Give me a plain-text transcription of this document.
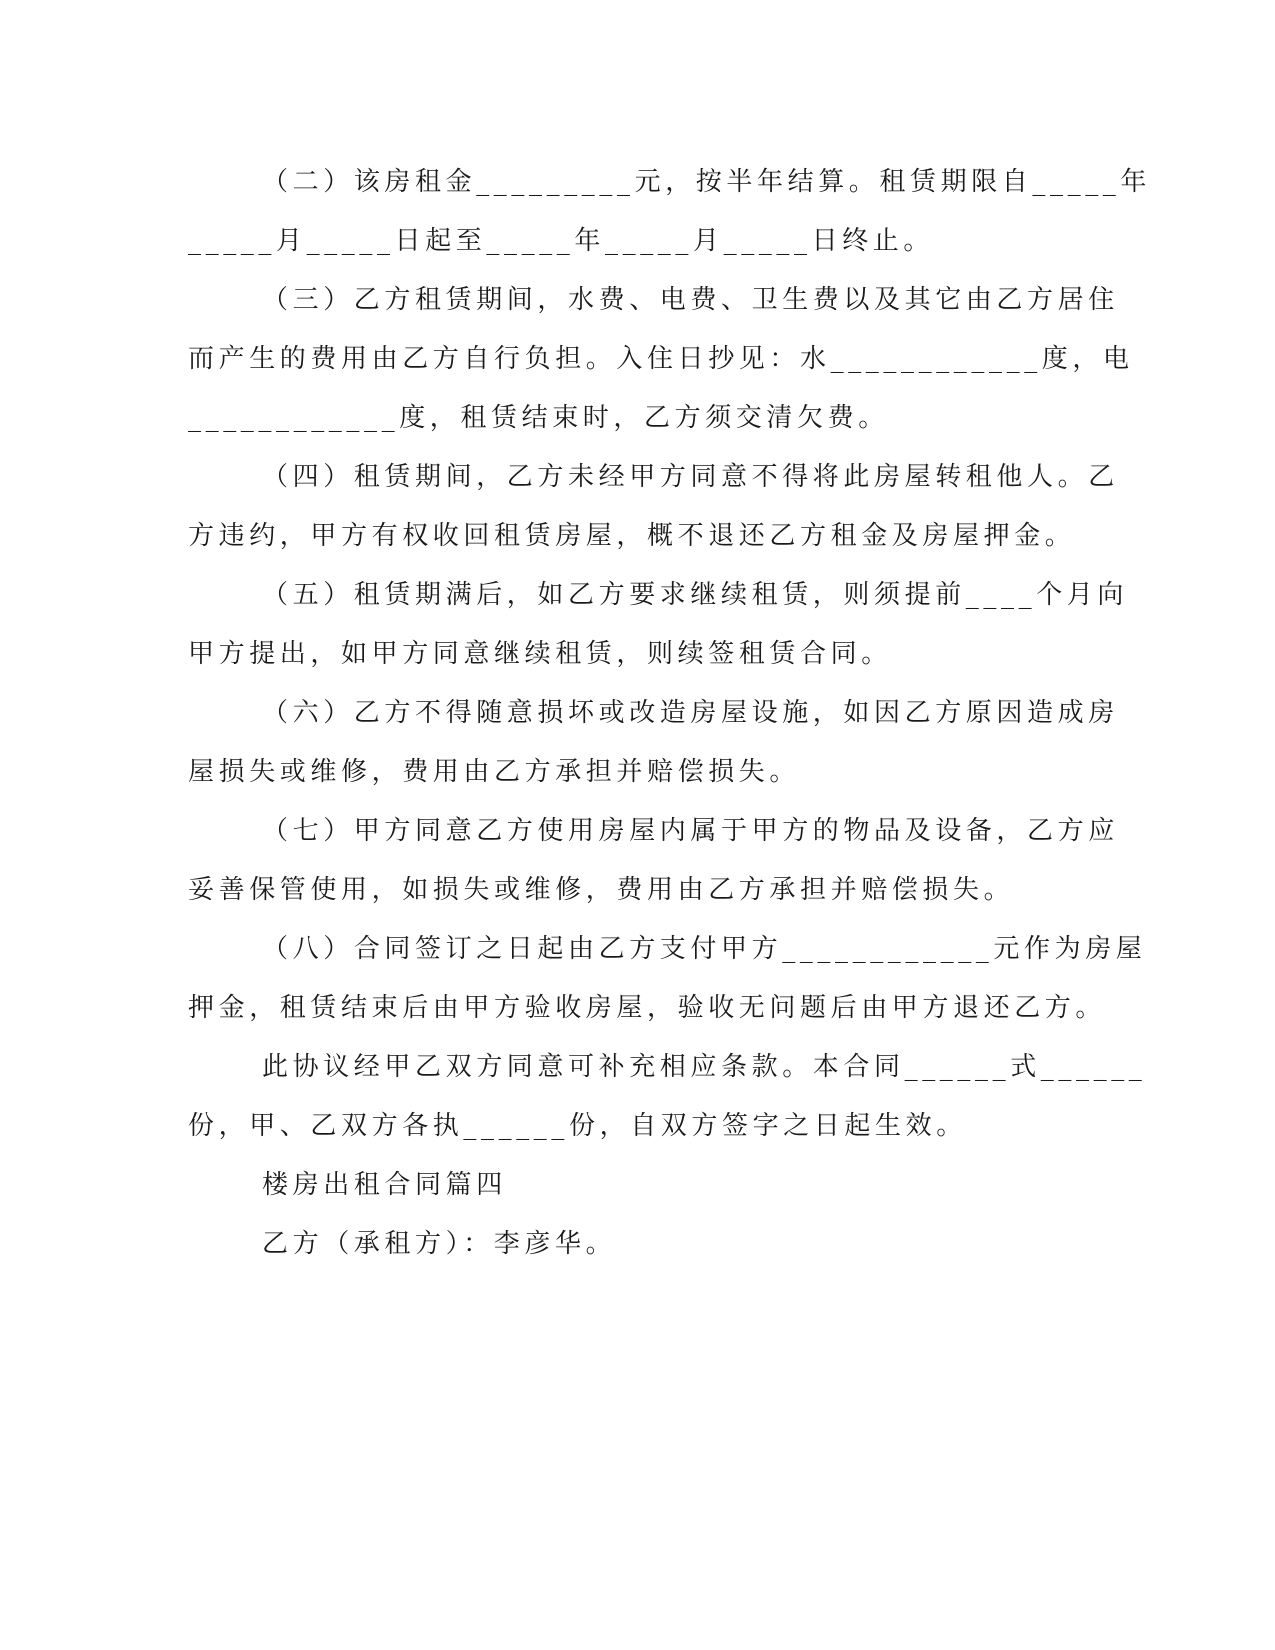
（二）该房租金_________元，按半年结算。租赁期限自_____年
_____月_____日起至_____年_____月_____日终止。
（三）乙方租赁期间，水费、电费、卫生费以及其它由乙方居住
而产生的费用由乙方自行负担。入住日抄见：水____________度，电
____________度，租赁结束时，乙方须交清欠费。
（四）租赁期间，乙方未经甲方同意不得将此房屋转租他人。乙
方违约，甲方有权收回租赁房屋，概不退还乙方租金及房屋押金。
（五）租赁期满后，如乙方要求继续租赁，则须提前____个月向
甲方提出，如甲方同意继续租赁，则续签租赁合同。
（六）乙方不得随意损坏或改造房屋设施，如因乙方原因造成房
屋损失或维修，费用由乙方承担并赔偿损失。
（七）甲方同意乙方使用房屋内属于甲方的物品及设备，乙方应
妥善保管使用，如损失或维修，费用由乙方承担并赔偿损失。
（八）合同签订之日起由乙方支付甲方____________元作为房屋
押金，租赁结束后由甲方验收房屋，验收无问题后由甲方退还乙方。
此协议经甲乙双方同意可补充相应条款。本合同______式______
份，甲、乙双方各执______份，自双方签字之日起生效。
楼房出租合同篇四
乙方（承租方）：李彦华。
